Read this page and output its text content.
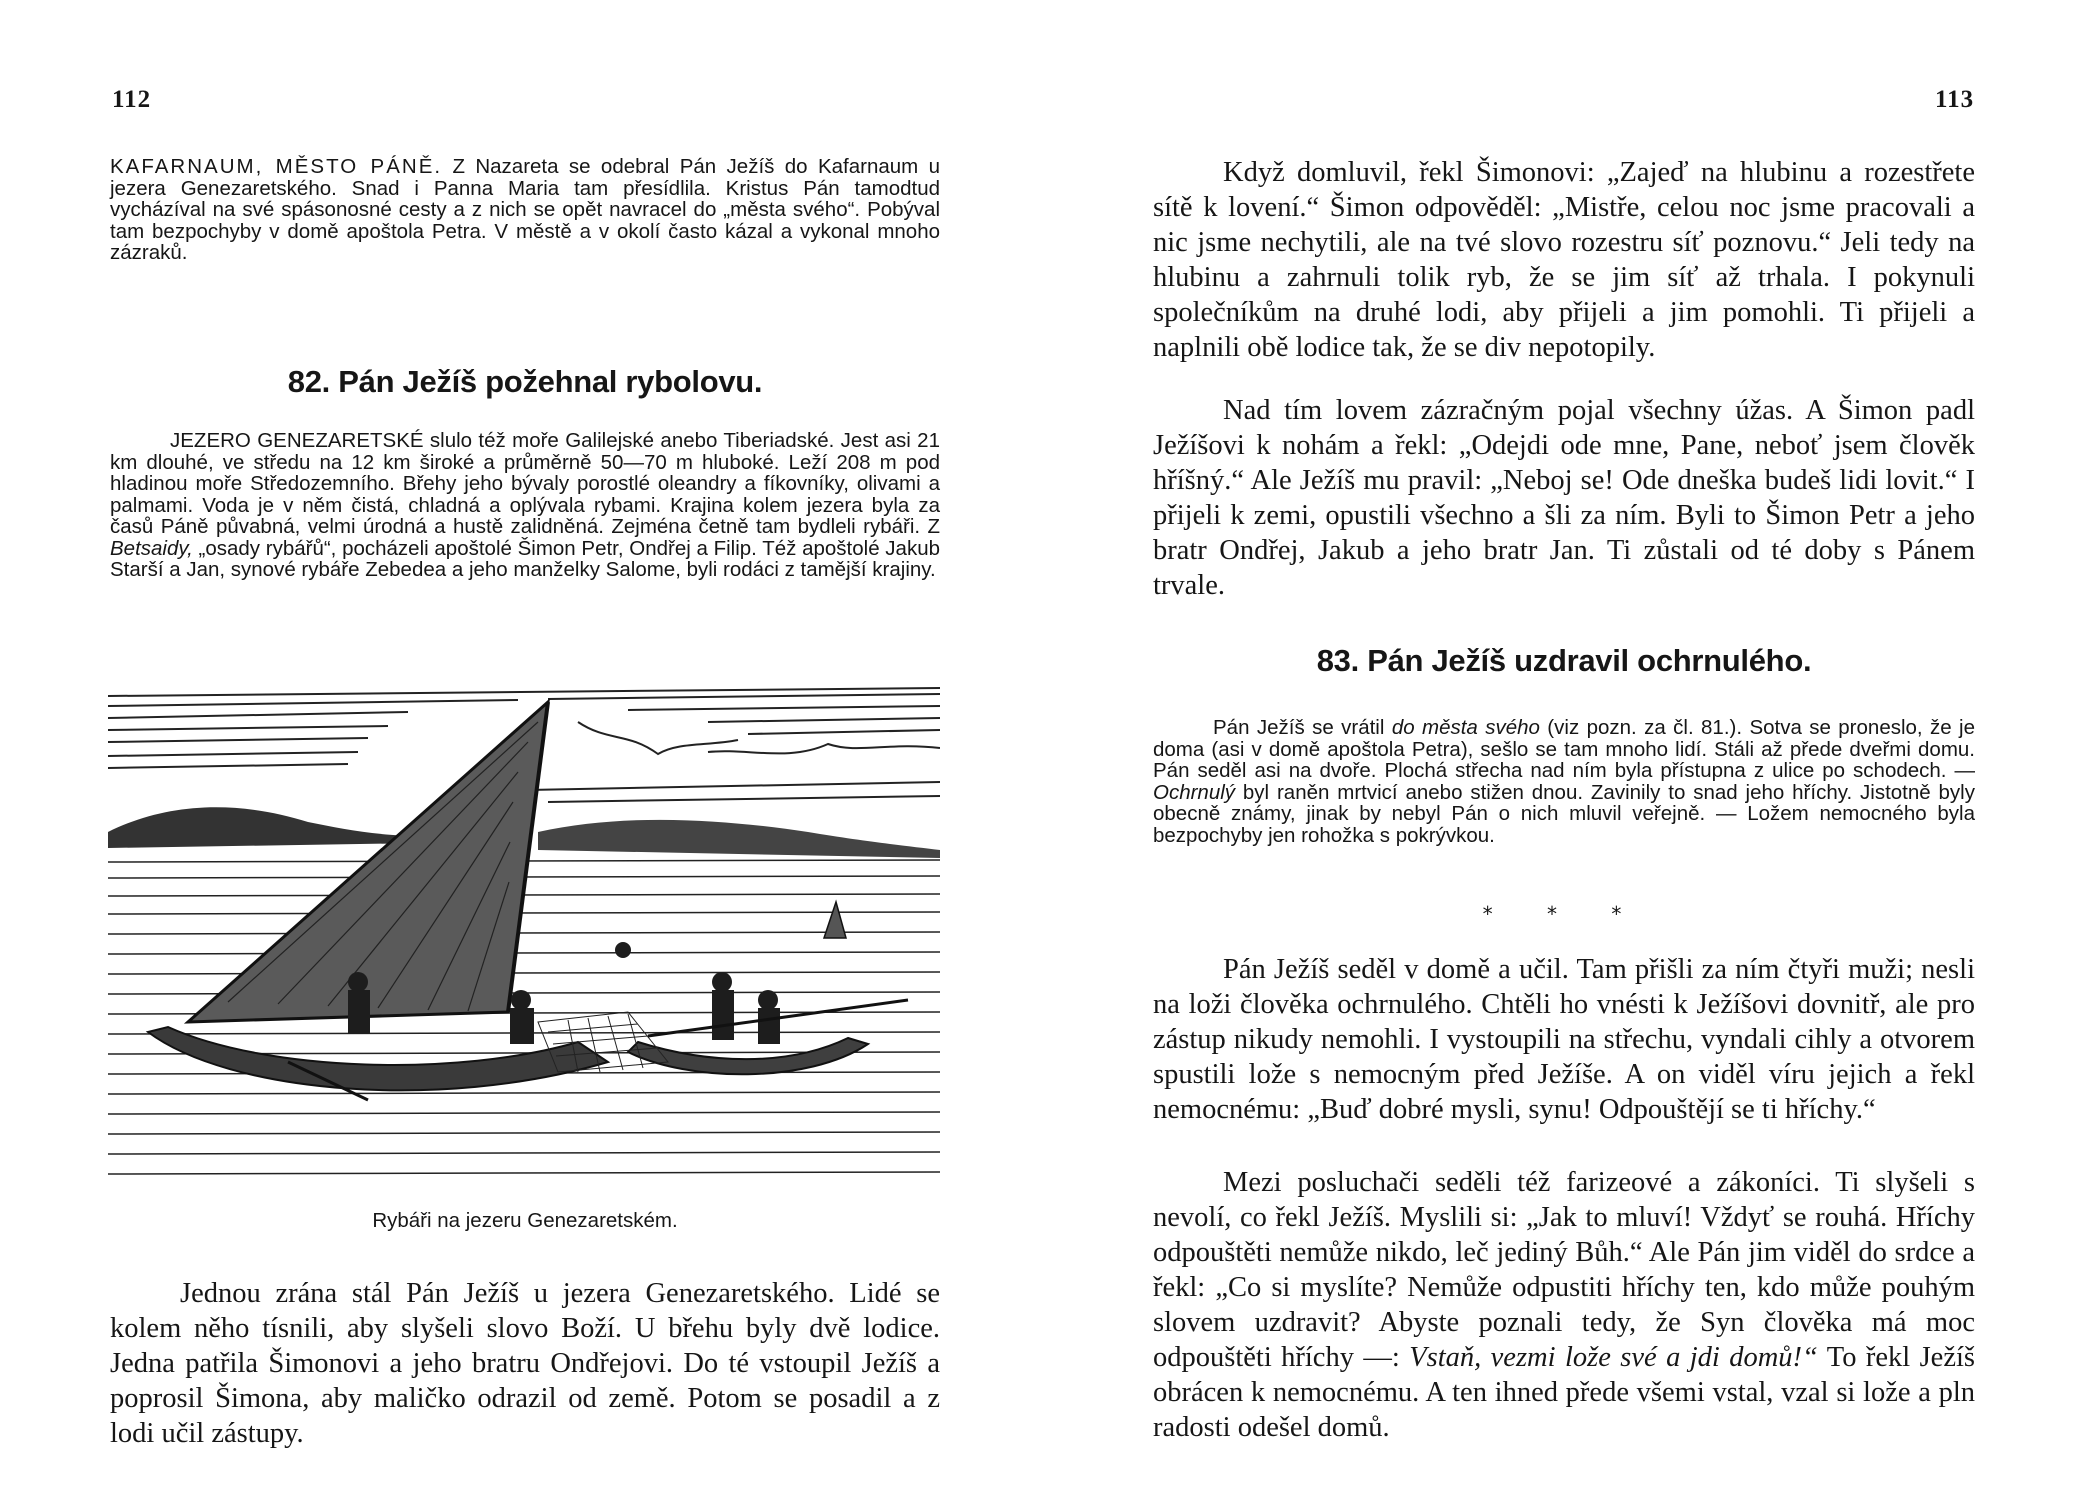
112

KAFARNAUM, MĚSTO PÁNĚ. Z Nazareta se odebral Pán Ježíš do Kafarnaum u jezera Genezaretského. Snad i Panna Maria tam přesídlila. Kristus Pán tamodtud vycházíval na své spásonosné cesty a z nich se opět navracel do „města svého“. Pobýval tam bezpochyby v domě apoštola Petra. V městě a v okolí často kázal a vykonal mnoho zázraků.

82. Pán Ježíš požehnal rybolovu.

JEZERO GENEZARETSKÉ slulo též moře Galilejské anebo Tiberiadské. Jest asi 21 km dlouhé, ve středu na 12 km široké a průměrně 50—70 m hluboké. Leží 208 m pod hladinou moře Středozemního. Břehy jeho bývaly porostlé oleandry a fíkovníky, olivami a palmami. Voda je v něm čistá, chladná a oplývala rybami. Krajina kolem jezera byla za časů Páně půvabná, velmi úrodná a hustě zalidněná. Zejména četně tam bydleli rybáři. Z Betsaidy, „osady rybářů“, pocházeli apoštolé Šimon Petr, Ondřej a Filip. Též apoštolé Jakub Starší a Jan, synové rybáře Zebedea a jeho manželky Salome, byli rodáci z tamější krajiny.

Rybáři na jezeru Genezaretském.

Jednou zrána stál Pán Ježíš u jezera Genezaretského. Lidé se kolem něho tísnili, aby slyšeli slovo Boží. U břehu byly dvě lodice. Jedna patřila Šimonovi a jeho bratru Ondřejovi. Do té vstoupil Ježíš a poprosil Šimona, aby maličko odrazil od země. Potom se posadil a z lodi učil zástupy.

113

Když domluvil, řekl Šimonovi: „Zajeď na hlubinu a rozestřete sítě k lovení.“ Šimon odpověděl: „Mistře, celou noc jsme pracovali a nic jsme nechytili, ale na tvé slovo rozestru síť poznovu.“ Jeli tedy na hlubinu a zahrnuli tolik ryb, že se jim síť až trhala. I pokynuli společníkům na druhé lodi, aby přijeli a jim pomohli. Ti přijeli a naplnili obě lodice tak, že se div nepotopily.

Nad tím lovem zázračným pojal všechny úžas. A Šimon padl Ježíšovi k nohám a řekl: „Odejdi ode mne, Pane, neboť jsem člověk hříšný.“ Ale Ježíš mu pravil: „Neboj se! Ode dneška budeš lidi lovit.“ I přijeli k zemi, opustili všechno a šli za ním. Byli to Šimon Petr a jeho bratr Ondřej, Jakub a jeho bratr Jan. Ti zůstali od té doby s Pánem trvale.

83. Pán Ježíš uzdravil ochrnulého.

Pán Ježíš se vrátil do města svého (viz pozn. za čl. 81.). Sotva se proneslo, že je doma (asi v domě apoštola Petra), sešlo se tam mnoho lidí. Stáli až přede dveřmi domu. Pán seděl asi na dvoře. Plochá střecha nad ním byla přístupna z ulice po schodech. — Ochrnulý byl raněn mrtvicí anebo stižen dnou. Zavinily to snad jeho hříchy. Jistotně byly obecně známy, jinak by nebyl Pán o nich mluvil veřejně. — Ložem nemocného byla bezpochyby jen rohožka s pokrývkou.

* * *

Pán Ježíš seděl v domě a učil. Tam přišli za ním čtyři muži; nesli na loži člověka ochrnulého. Chtěli ho vnésti k Ježíšovi dovnitř, ale pro zástup nikudy nemohli. I vystoupili na střechu, vyndali cihly a otvorem spustili lože s nemocným před Ježíše. A on viděl víru jejich a řekl nemocnému: „Buď dobré mysli, synu! Odpouštějí se ti hříchy.“

Mezi posluchači seděli též farizeové a zákoníci. Ti slyšeli s nevolí, co řekl Ježíš. Myslili si: „Jak to mluví! Vždyť se rouhá. Hříchy odpouštěti nemůže nikdo, leč jediný Bůh.“ Ale Pán jim viděl do srdce a řekl: „Co si myslíte? Nemůže odpustiti hříchy ten, kdo může pouhým slovem uzdravit? Abyste poznali tedy, že Syn člověka má moc odpouštěti hříchy —: Vstaň, vezmi lože své a jdi domů!“ To řekl Ježíš obrácen k nemocnému. A ten ihned přede všemi vstal, vzal si lože a pln radosti odešel domů.
